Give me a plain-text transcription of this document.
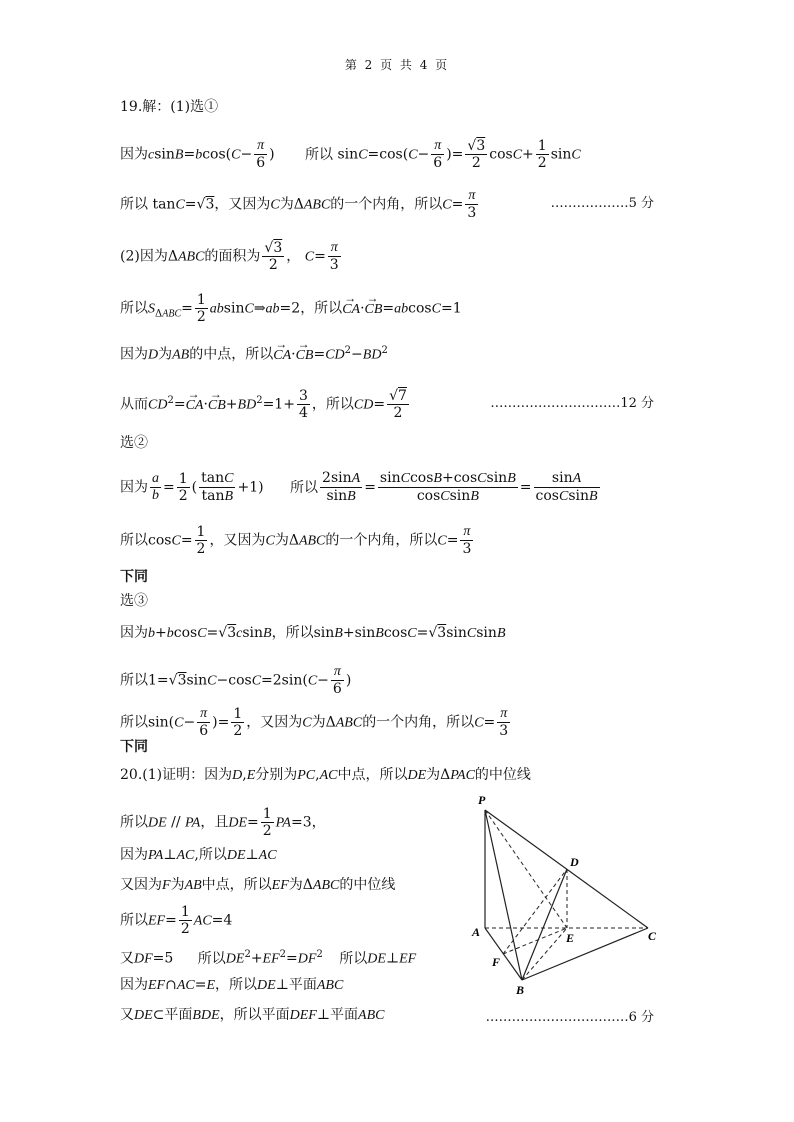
第 2 页 共 4 页
19.解：(1)选①
因为$csinB=bcos(C- \frac{\pi}{6}$ ) 所以 $\sin C=\cos(C- \frac{\pi}{6}$ )= $\frac{√3}{2} \cos C+ \frac{1}{2}$ sinC
所以 tanC=√3，又因为C为ΔABC的一个内角，所以$C= \frac{\pi}{3}$	………………5 分
(2)因为ΔABC的面积为 $\frac{√3}{2}$ ， $C= \frac{\pi}{3}$
所以$S_{\Delta ABC}= \frac{1}{2}$ absinC⇒ab=2，所以→ CA·→ CB=abcosC=1
因为D为AB的中点，所以→ $CA\cdot\to CB=CD^2-BD^2$
从而$CD^2=\to CA\cdot\to CB+BD^2=1+ \frac{3}{4}$ ，所以$CD= \frac{√7}{2}$	…………………………12 分
选②
因为 $\frac{a}{b} = \frac{1}{2}$ ( $\frac{\tan C}{\tan B} +1$) 所以 $\frac{2\sin A}{\sin B} = \frac{\text{sinCcosB+cosCsinB}}{\text{cosCsinB}} = \frac{\sin A}{\text{cosCsinB}}$
所以$\cos C= \frac{1}{2}$ ，又因为C为ΔABC的一个内角，所以$C= \frac{\pi}{3}$
下同
选③
因为b+bcosC=√3csinB，所以sinB+sinBcosC=√3sinCsinB
所以$1=√3\sin C-\cos C=2\sin(C- \frac{\pi}{6}$ )
所以$\sin(C- \frac{\pi}{6}$ )= $\frac{1}{2}$ ，又因为C为ΔABC的一个内角，所以$C= \frac{\pi}{3}$
下同
20.(1)证明：因为D,E分别为PC,AC中点，所以DE为ΔPAC的中位线
所以DE // PA，且$DE= \frac{1}{2} PA=3$，
因为PA⊥AC,所以DE⊥AC
又因为F为AB中点，所以EF为ΔABC的中位线
所以$EF= \frac{1}{2} AC=4$
又DF=5 所以$DE^2+EF^2=DF^2$ 所以DE⊥EF
因为EF∩AC=E，所以DE⊥平面ABC
又DE⊂平面BDE，所以平面DEF⊥平面ABC	……………………………6 分
P
D
A	E	C
F
B
